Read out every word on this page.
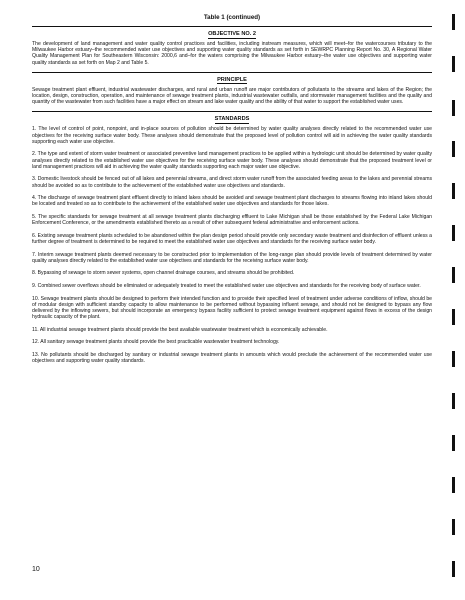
Table 1 (continued)

OBJECTIVE NO. 2

The development of land management and water quality control practices and facilities, including instream measures, which will meet–for the watercourses tributary to the Milwaukee Harbor estuary–the recommended water use objectives and supporting water quality standards as set forth in SEWRPC Planning Report No. 30, A Regional Water Quality Management Plan for Southeastern Wisconsin: 2000,6 and–for the waters comprising the Milwaukee Harbor estuary–the water use objectives and supporting water quality standards as set forth on Map 2 and Table 5.

PRINCIPLE

Sewage treatment plant effluent, industrial wastewater discharges, and rural and urban runoff are major contributors of pollutants to the streams and lakes of the Region; the location, design, construction, operation, and maintenance of sewage treatment plants, industrial wastewater outfalls, and stormwater management facilities and the quality and quantity of the wastewater from such facilities have a major effect on stream and lake water quality and the ability of that water to support the established water uses.

STANDARDS

1. The level of control of point, nonpoint, and in-place sources of pollution should be determined by water quality analyses directly related to the recommended water use objectives for the receiving surface water body. These analyses should demonstrate that the proposed level of pollution control will aid in achieving the water quality standards supporting each water use objective.
2. The type and extent of storm water treatment or associated preventive land management practices to be applied within a hydrologic unit should be determined by water quality analyses directly related to the established water use objectives for the receiving surface water body. These analyses should demonstrate that the proposed treatment level or land management practices will aid in achieving the water quality standards supporting each major water use objective.
3. Domestic livestock should be fenced out of all lakes and perennial streams, and direct storm water runoff from the associated feeding areas to the lakes and perennial streams should be avoided so as to contribute to the achievement of the established water use objectives and standards.
4. The discharge of sewage treatment plant effluent directly to inland lakes should be avoided and sewage treatment plant discharges to streams flowing into inland lakes should be located and treated so as to contribute to the achievement of the established water use objectives and standards for those lakes.
5. The specific standards for sewage treatment at all sewage treatment plants discharging effluent to Lake Michigan shall be those established by the Federal Lake Michigan Enforcement Conference, or the amendments established thereto as a result of other subsequent federal administrative and enforcement actions.
6. Existing sewage treatment plants scheduled to be abandoned within the plan design period should provide only secondary waste treatment and disinfection of effluent unless a further degree of treatment is determined to be required to meet the established water use objectives and standards for the receiving surface water body.
7. Interim sewage treatment plants deemed necessary to be constructed prior to implementation of the long-range plan should provide levels of treatment determined by water quality analyses directly related to the established water use objectives and standards for the receiving surface water body.
8. Bypassing of sewage to storm sewer systems, open channel drainage courses, and streams should be prohibited.
9. Combined sewer overflows should be eliminated or adequately treated to meet the established water use objectives and standards for the receiving body of surface water.
10. Sewage treatment plants should be designed to perform their intended function and to provide their specified level of treatment under adverse conditions of inflow, should be of modular design with sufficient standby capacity to allow maintenance to be performed without bypassing influent sewage, and should not be designed to bypass any flow delivered by the inflowing sewers, but should incorporate an emergency bypass facility sufficient to protect sewage treatment equipment against flows in excess of the design hydraulic capacity of the plant.
11. All industrial sewage treatment plants should provide the best available wastewater treatment which is economically achievable.
12. All sanitary sewage treatment plants should provide the best practicable wastewater treatment technology.
13. No pollutants should be discharged by sanitary or industrial sewage treatment plants in amounts which would preclude the achievement of the recommended water use objectives and supporting water quality standards.
10
